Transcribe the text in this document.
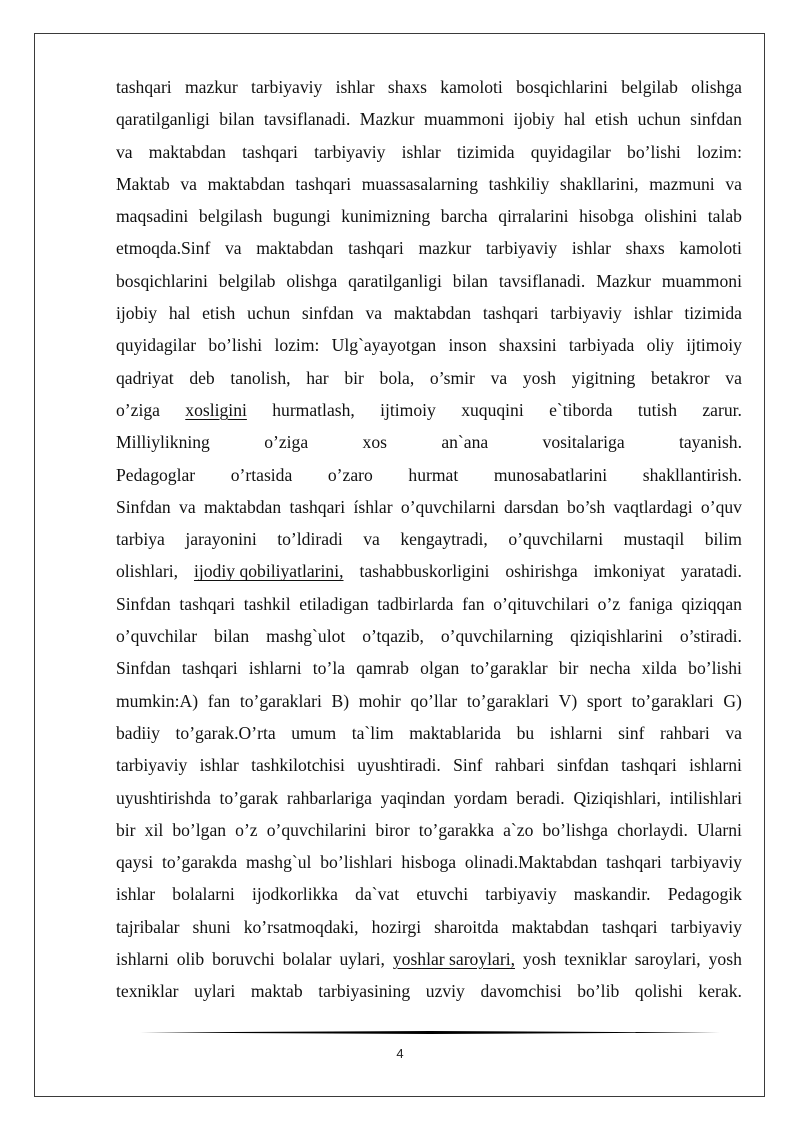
tashqari mazkur tarbiyaviy ishlar shaxs kamoloti bosqichlarini belgilab olishga
qaratilganligi bilan tavsiflanadi. Mazkur muammoni ijobiy hal etish uchun sinfdan
va maktabdan tashqari tarbiyaviy ishlar tizimida quyidagilar bo’lishi lozim:
Maktab va maktabdan tashqari muassasalarning tashkiliy shakllarini, mazmuni va
maqsadini belgilash bugungi kunimizning barcha qirralarini hisobga olishini talab
etmoqda.Sinf va maktabdan tashqari mazkur tarbiyaviy ishlar shaxs kamoloti
bosqichlarini belgilab olishga qaratilganligi bilan tavsiflanadi. Mazkur muammoni
ijobiy hal etish uchun sinfdan va maktabdan tashqari tarbiyaviy ishlar tizimida
quyidagilar bo’lishi lozim: Ulg`ayayotgan inson shaxsini tarbiyada oliy ijtimoiy
qadriyat deb tanolish, har bir bola, o’smir va yosh yigitning betakror va
o’ziga xosligini hurmatlash, ijtimoiy xuquqini e`tiborda tutish zarur.
Milliylikning	o’ziga	xos	an`ana	vositalariga	tayanish.
Pedagoglar o’rtasida o’zaro hurmat munosabatlarini shakllantirish.
Sinfdan va maktabdan tashqari íshlar o’quvchilarni darsdan bo’sh vaqtlardagi o’quv
tarbiya jarayonini to’ldiradi va kengaytradi, o’quvchilarni mustaqil bilim
olishlari, ijodiy qobiliyatlarini, tashabbuskorligini oshirishga imkoniyat yaratadi.
Sinfdan tashqari tashkil etiladigan tadbirlarda fan o’qituvchilari o’z faniga qiziqqan
o’quvchilar bilan mashg`ulot o’tqazib, o’quvchilarning qiziqishlarini o’stiradi.
Sinfdan tashqari ishlarni to’la qamrab olgan to’garaklar bir necha xilda bo’lishi
mumkin:A) fan to’garaklari B) mohir qo’llar to’garaklari V) sport to’garaklari G)
badiiy to’garak.O’rta umum ta`lim maktablarida bu ishlarni sinf rahbari va
tarbiyaviy ishlar tashkilotchisi uyushtiradi. Sinf rahbari sinfdan tashqari ishlarni
uyushtirishda to’garak rahbarlariga yaqindan yordam beradi. Qiziqishlari, intilishlari
bir xil bo’lgan o’z o’quvchilarini biror to’garakka a`zo bo’lishga chorlaydi. Ularni
qaysi to’garakda mashg`ul bo’lishlari hisboga olinadi.Maktabdan tashqari tarbiyaviy
ishlar bolalarni ijodkorlikka da`vat etuvchi tarbiyaviy maskandir. Pedagogik
tajribalar shuni ko’rsatmoqdaki, hozirgi sharoitda maktabdan tashqari tarbiyaviy
ishlarni olib boruvchi bolalar uylari, yoshlar saroylari, yosh texniklar saroylari, yosh
texniklar uylari maktab tarbiyasining uzviy davomchisi bo’lib qolishi kerak.
4
